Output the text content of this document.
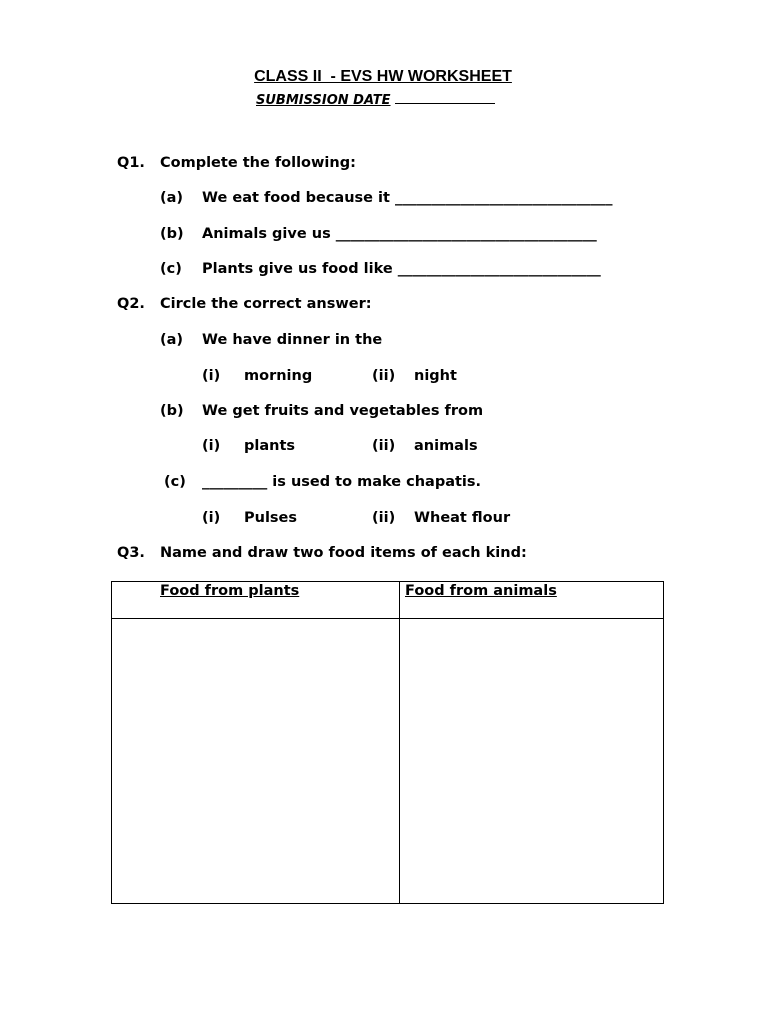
CLASS II  - EVS HW WORKSHEET
SUBMISSION DATE
Q1. Complete the following:
(a) We eat food because it ______________________________
(b) Animals give us ____________________________________
(c) Plants give us food like ____________________________
Q2. Circle the correct answer:
(a) We have dinner in the
(i) morning	(ii) night
(b) We get fruits and vegetables from
(i) plants	(ii) animals
(c) _________ is used to make chapatis.
(i) Pulses	(ii) Wheat flour
Q3. Name and draw two food items of each kind:
Food from plants	Food from animals
